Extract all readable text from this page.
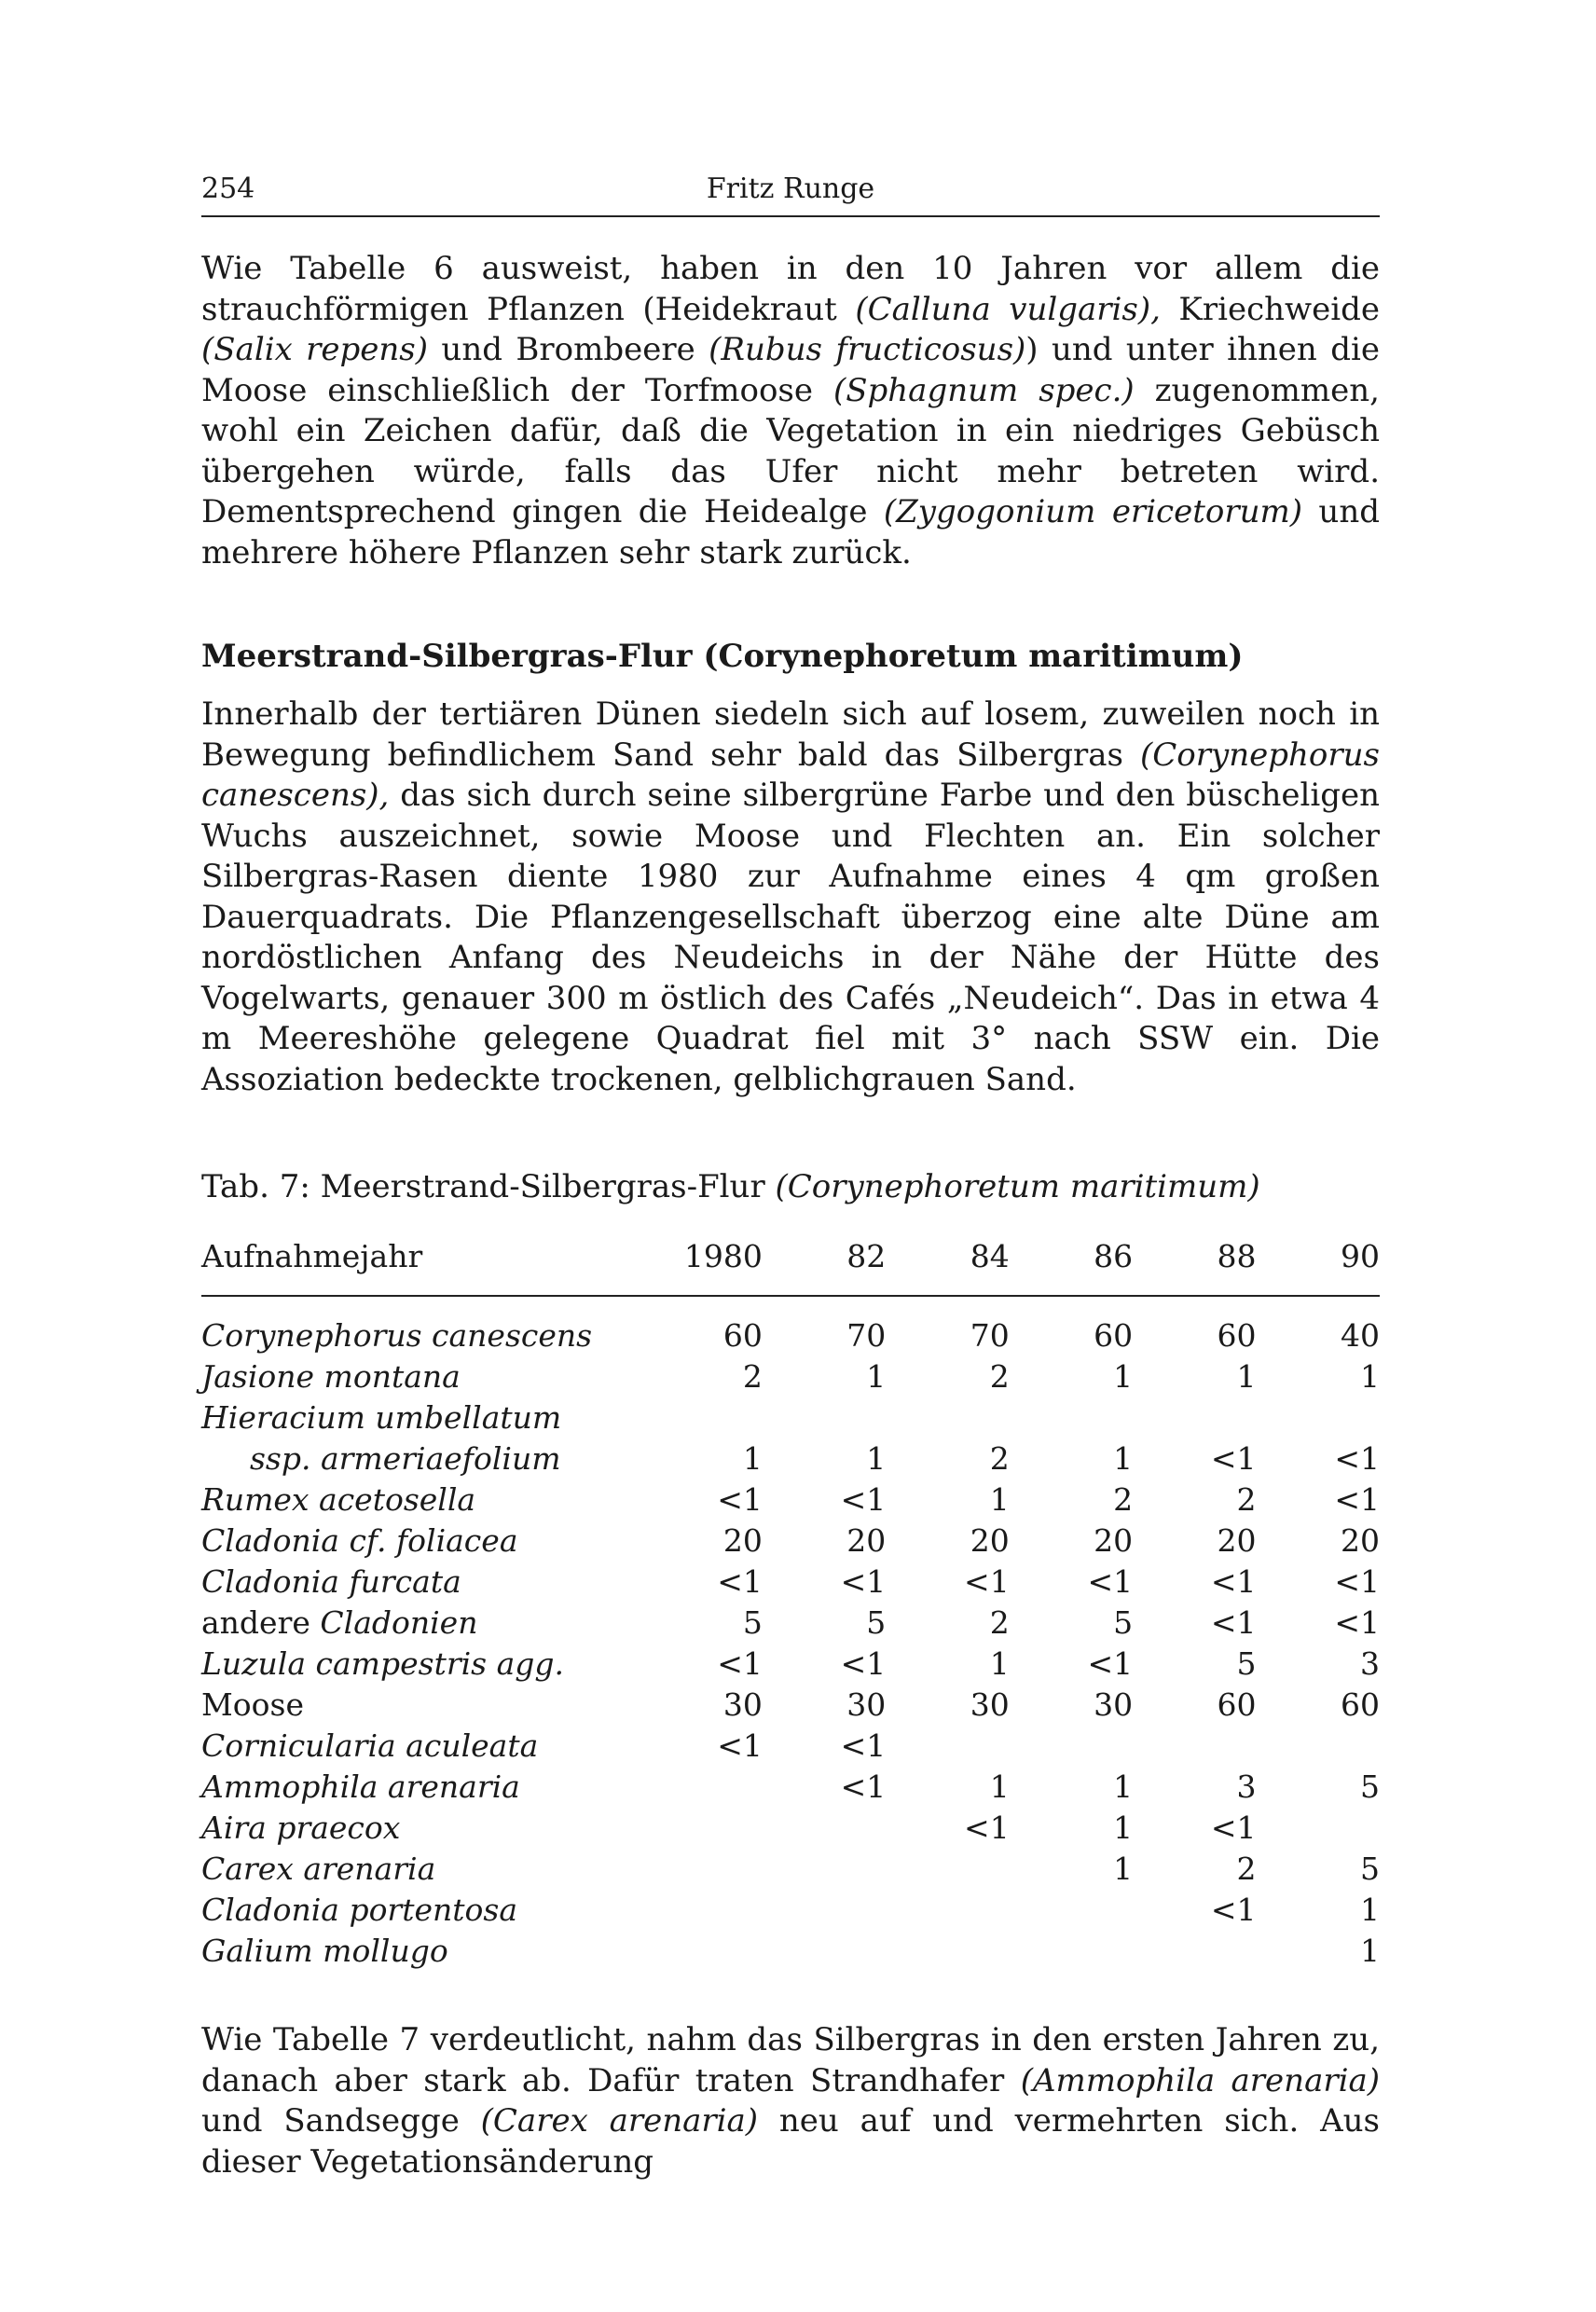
254	Fritz Runge

Wie Tabelle 6 ausweist, haben in den 10 Jahren vor allem die strauchförmigen Pflanzen (Heidekraut (Calluna vulgaris), Kriechweide (Salix repens) und Brombeere (Rubus fructicosus)) und unter ihnen die Moose einschließlich der Torfmoose (Sphagnum spec.) zugenommen, wohl ein Zeichen dafür, daß die Vegetation in ein niedriges Gebüsch übergehen würde, falls das Ufer nicht mehr betreten wird. Dementsprechend gingen die Heidealge (Zygogonium ericetorum) und mehrere höhere Pflanzen sehr stark zurück.

Meerstrand-Silbergras-Flur (Corynephoretum maritimum)

Innerhalb der tertiären Dünen siedeln sich auf losem, zuweilen noch in Bewegung befindlichem Sand sehr bald das Silbergras (Corynephorus canescens), das sich durch seine silbergrüne Farbe und den büscheligen Wuchs auszeichnet, sowie Moose und Flechten an. Ein solcher Silbergras-Rasen diente 1980 zur Aufnahme eines 4 qm großen Dauerquadrats. Die Pflanzengesellschaft überzog eine alte Düne am nordöstlichen Anfang des Neudeichs in der Nähe der Hütte des Vogelwarts, genauer 300 m östlich des Cafés „Neudeich“. Das in etwa 4 m Meereshöhe gelegene Quadrat fiel mit 3° nach SSW ein. Die Assoziation bedeckte trockenen, gelblichgrauen Sand.

Tab. 7: Meerstrand-Silbergras-Flur (Corynephoretum maritimum)
Aufnahmejahr	1980	82	84	86	88	90
Corynephorus canescens	60	70	70	60	60	40
Jasione montana	2	1	2	1	1	1
Hieracium umbellatum						
ssp. armeriaefolium	1	1	2	1	<1	<1
Rumex acetosella	<1	<1	1	2	2	<1
Cladonia cf. foliacea	20	20	20	20	20	20
Cladonia furcata	<1	<1	<1	<1	<1	<1
andere Cladonien	5	5	2	5	<1	<1
Luzula campestris agg.	<1	<1	1	<1	5	3
Moose	30	30	30	30	60	60
Cornicularia aculeata	<1	<1				
Ammophila arenaria		<1	1	1	3	5
Aira praecox			<1	1	<1	
Carex arenaria				1	2	5
Cladonia portentosa					<1	1
Galium mollugo						1

Wie Tabelle 7 verdeutlicht, nahm das Silbergras in den ersten Jahren zu, danach aber stark ab. Dafür traten Strandhafer (Ammophila arenaria) und Sandsegge (Carex arenaria) neu auf und vermehrten sich. Aus dieser Vegetationsänderung
